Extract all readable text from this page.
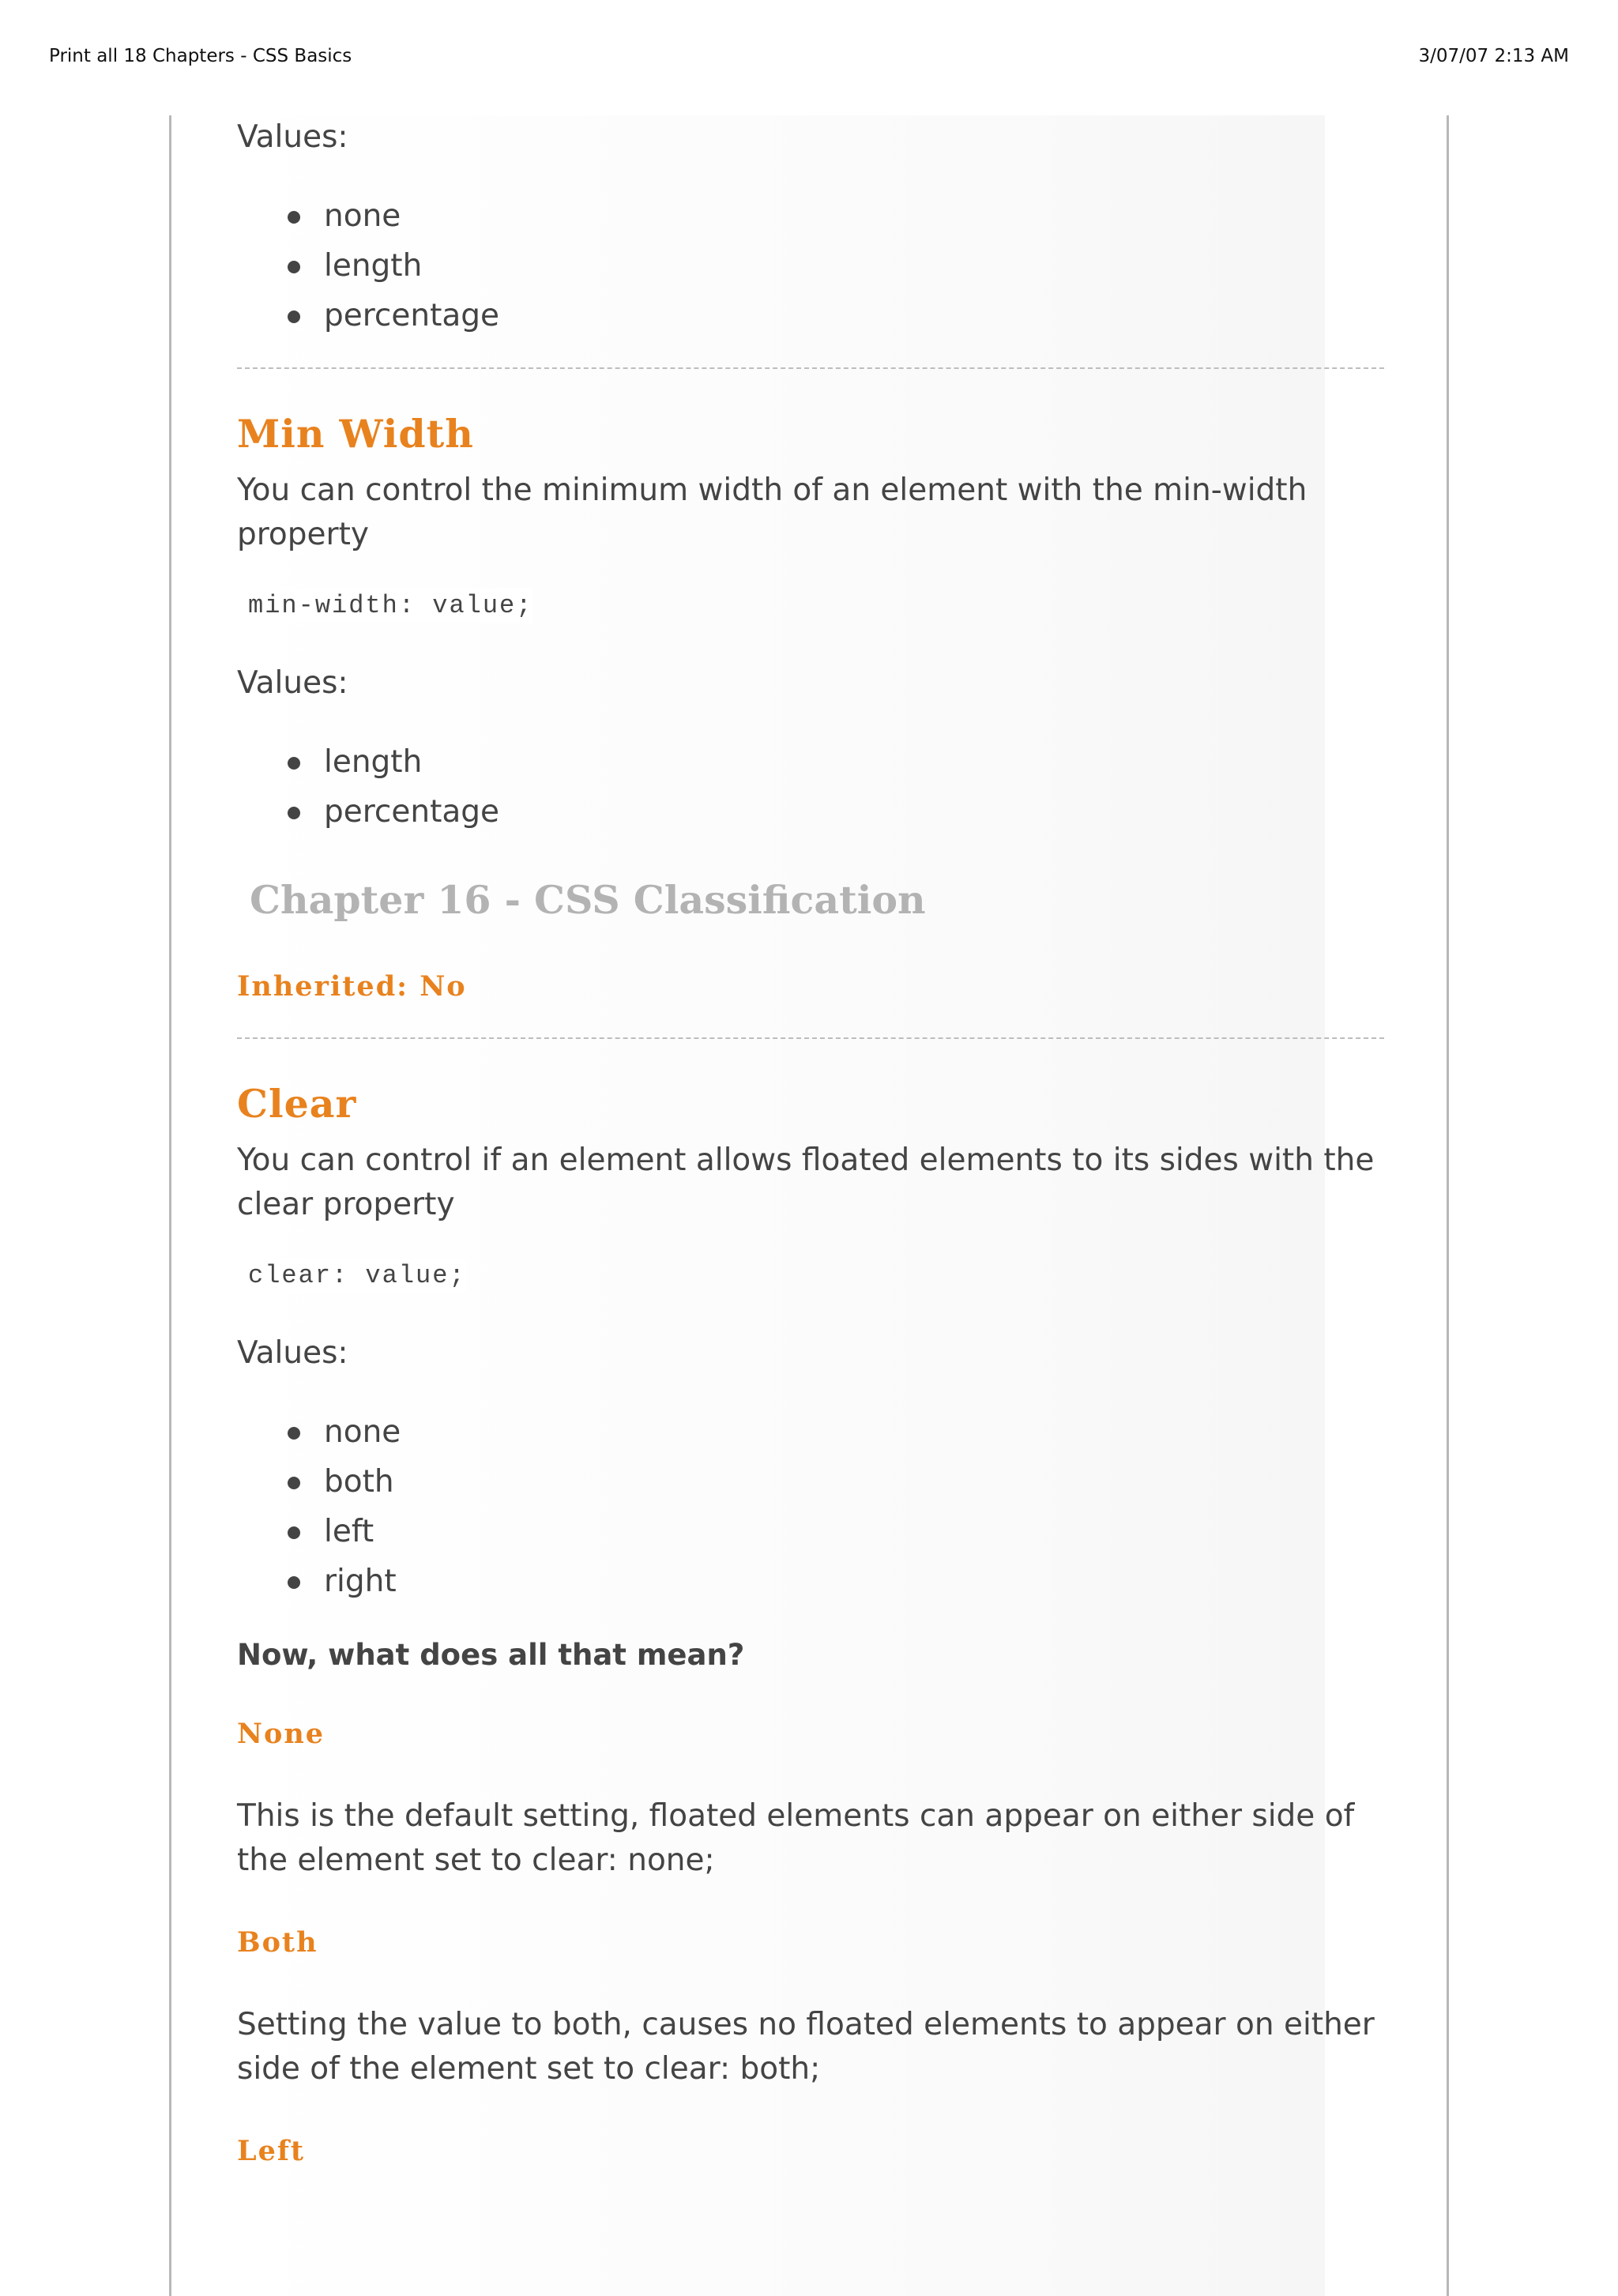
Print all 18 Chapters - CSS Basics	3/07/07 2:13 AM

Values:

none
length
percentage
Min Width

You can control the minimum width of an element with the min-width property

min-width: value;

Values:

length
percentage
Chapter 16 - CSS Classification
Inherited: No
Clear

You can control if an element allows floated elements to its sides with the clear property

clear: value;

Values:

none
both
left
right

Now, what does all that mean?

None

This is the default setting, floated elements can appear on either side of the element set to clear: none;

Both

Setting the value to both, causes no floated elements to appear on either side of the element set to clear: both;

Left
